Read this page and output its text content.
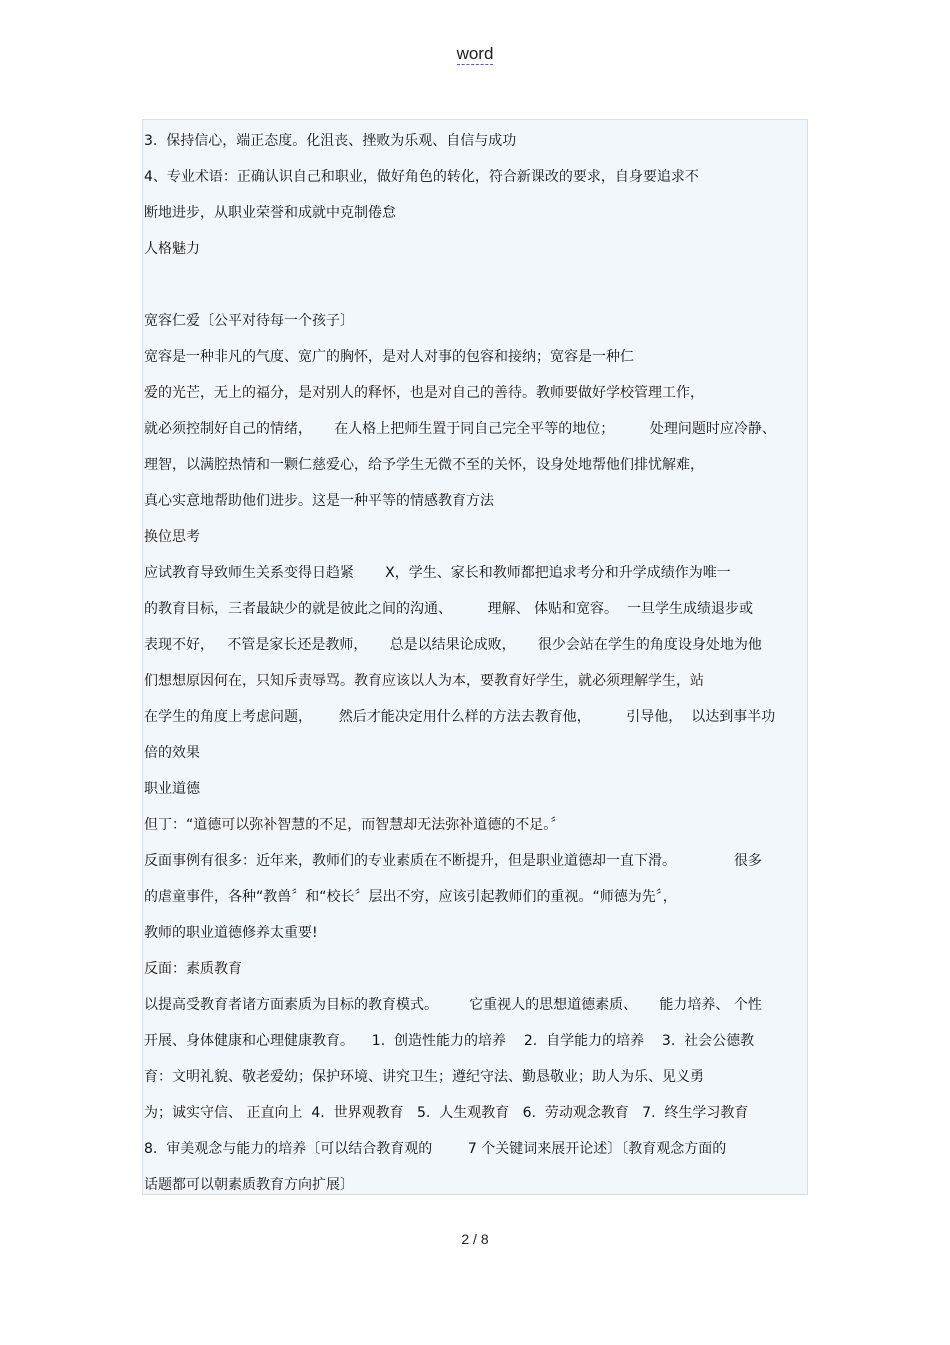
word
3.  保持信心，端正态度。化沮丧、挫败为乐观、自信与成功
4、专业术语：正确认识自己和职业，做好角色的转化，符合新课改的要求，自身要追求不
断地进步，从职业荣誉和成就中克制倦怠
人格魅力
宽容仁爱〔公平对待每一个孩子〕
宽容是一种非凡的气度、宽广的胸怀，是对人对事的包容和接纳；宽容是一种仁
爱的光芒，无上的福分，是对别人的释怀，也是对自己的善待。教师要做好学校管理工作，
就必须控制好自己的情绪，     在人格上把师生置于同自己完全平等的地位；        处理问题时应冷静、
理智，以满腔热情和一颗仁慈爱心，给予学生无微不至的关怀，设身处地帮他们排忧解难，
真心实意地帮助他们进步。这是一种平等的情感教育方法
换位思考
应试教育导致师生关系变得日趋紧       X，学生、家长和教师都把追求考分和升学成绩作为唯一
的教育目标，三者最缺少的就是彼此之间的沟通、        理解、 体贴和宽容。  一旦学生成绩退步或
表现不好，   不管是家长还是教师，     总是以结果论成败，     很少会站在学生的角度设身处地为他
们想想原因何在，只知斥责辱骂。教育应该以人为本，要教育好学生，就必须理解学生，站
在学生的角度上考虑问题，      然后才能决定用什么样的方法去教育他，        引导他，  以达到事半功
倍的效果
职业道德
但丁：“道德可以弥补智慧的不足，而智慧却无法弥补道德的不足。〞
反面事例有很多：近年来，教师们的专业素质在不断提升，但是职业道德却一直下滑。             很多
的虐童事件，各种“教兽〞和“校长〞层出不穷，应该引起教师们的重视。“师德为先〞，
教师的职业道德修养太重要!
反面：素质教育
以提高受教育者诸方面素质为目标的教育模式。       它重视人的思想道德素质、     能力培养、 个性
开展、身体健康和心理健康教育。    1.  创造性能力的培养    2.  自学能力的培养    3.  社会公德教
育：文明礼貌、敬老爱幼；保护环境、讲究卫生；遵纪守法、勤恳敬业；助人为乐、见义勇
为；诚实守信、 正直向上  4.  世界观教育   5.  人生观教育   6.  劳动观念教育   7.  终生学习教育
8.  审美观念与能力的培养〔可以结合教育观的        7 个关键词来展开论述〕〔教育观念方面的
话题都可以朝素质教育方向扩展〕
2 / 8
